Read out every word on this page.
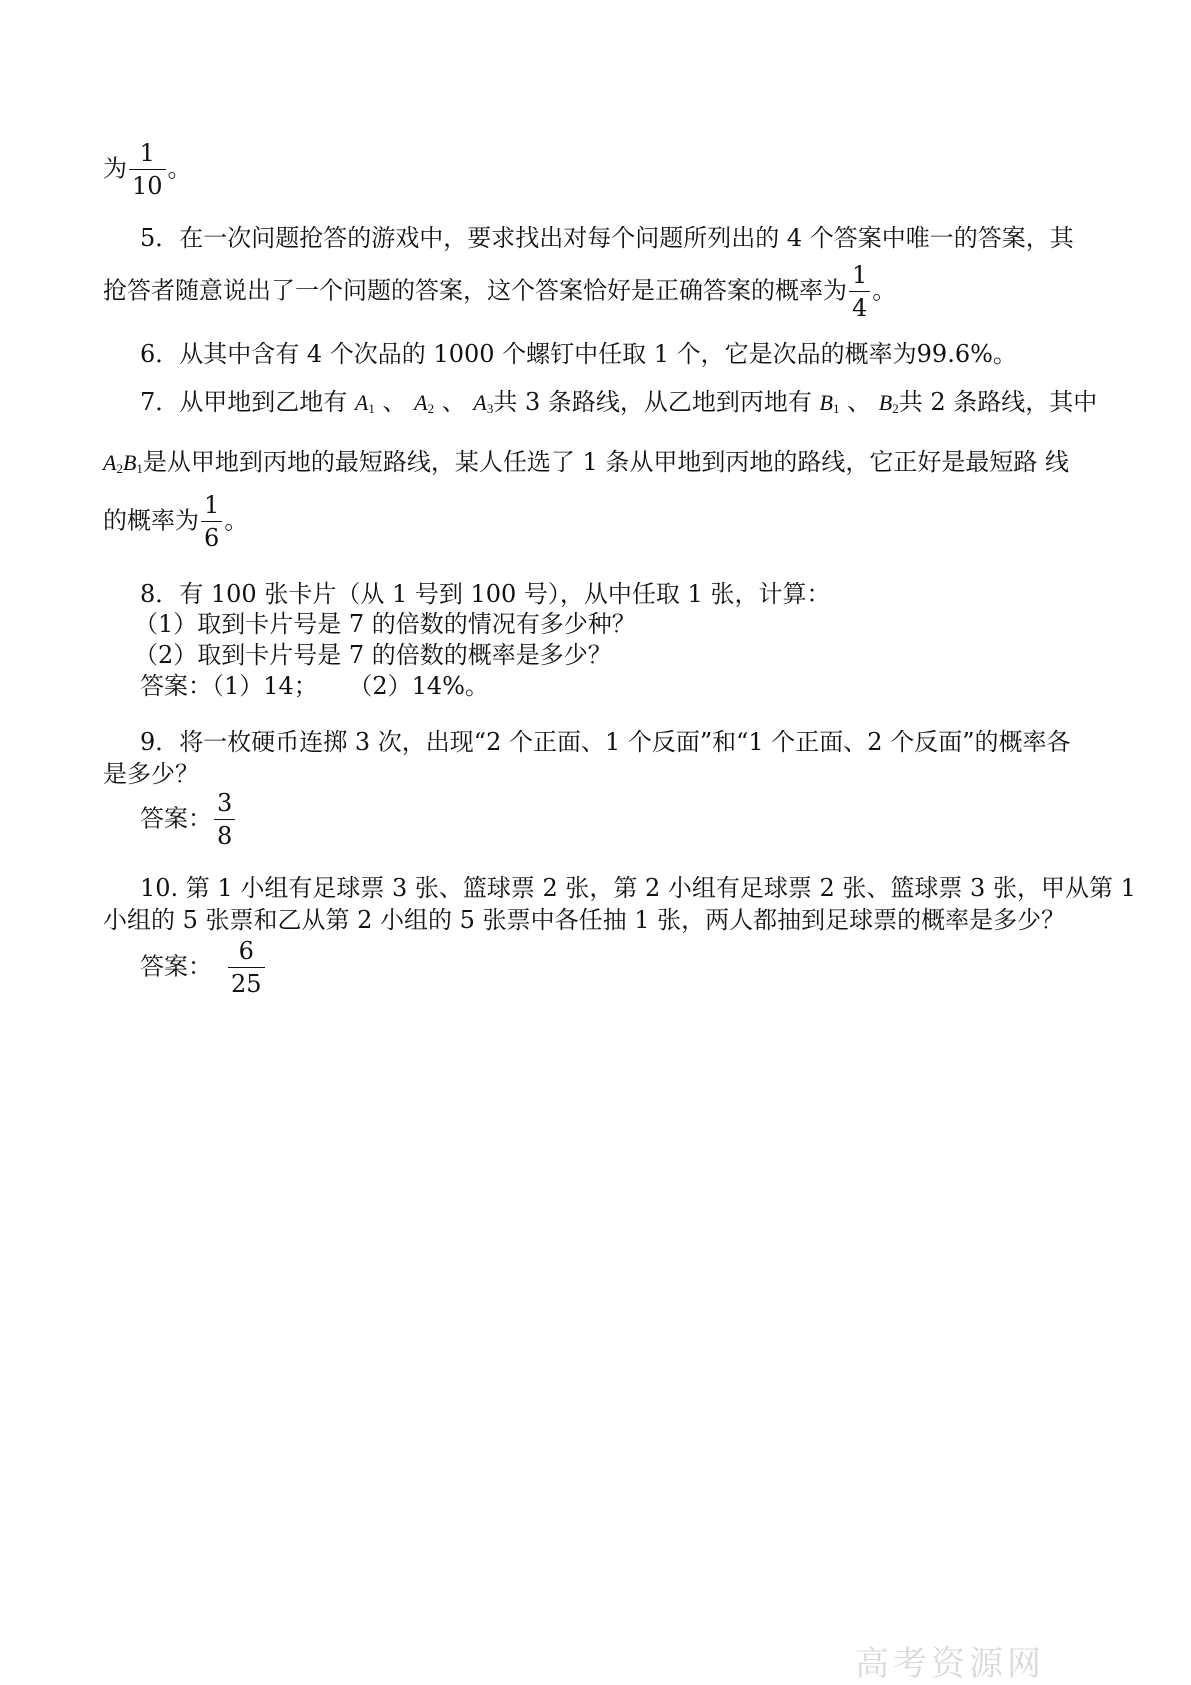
为 $\frac{1}{10}$ 。
5．在一次问题抢答的游戏中，要求找出对每个问题所列出的 4 个答案中唯一的答案，其
抢答者随意说出了一个问题的答案，这个答案恰好是正确答案的概率为 $\frac{1}{4}$ 。
6．从其中含有 4 个次品的 1000 个螺钉中任取 1 个，它是次品的概率为99.6%。
7．从甲地到乙地有 $A_1$ 、 $A_2$ 、 $A_3$共 3 条路线，从乙地到丙地有 $B_1$ 、 $B_2$共 2 条路线，其中
$A_2B_1$是从甲地到丙地的最短路线，某人任选了 1 条从甲地到丙地的路线，它正好是最短路 线
的概率为 $\frac{1}{6}$ 。
8．有 100 张卡片（从 1 号到 100 号），从中任取 1 张，计算：
（1）取到卡片号是 7 的倍数的情况有多少种？
（2）取到卡片号是 7 的倍数的概率是多少？
答案：（1）14；    （2）14%。
9．将一枚硬币连掷 3 次，出现“2 个正面、1 个反面”和“1 个正面、2 个反面”的概率各
是多少？
答案： $\frac{3}{8}$
10. 第 1 小组有足球票 3 张、篮球票 2 张，第 2 小组有足球票 2 张、篮球票 3 张，甲从第 1
小组的 5 张票和乙从第 2 小组的 5 张票中各任抽 1 张，两人都抽到足球票的概率是多少？
答案： $\frac{6}{25}$
高考资源网
